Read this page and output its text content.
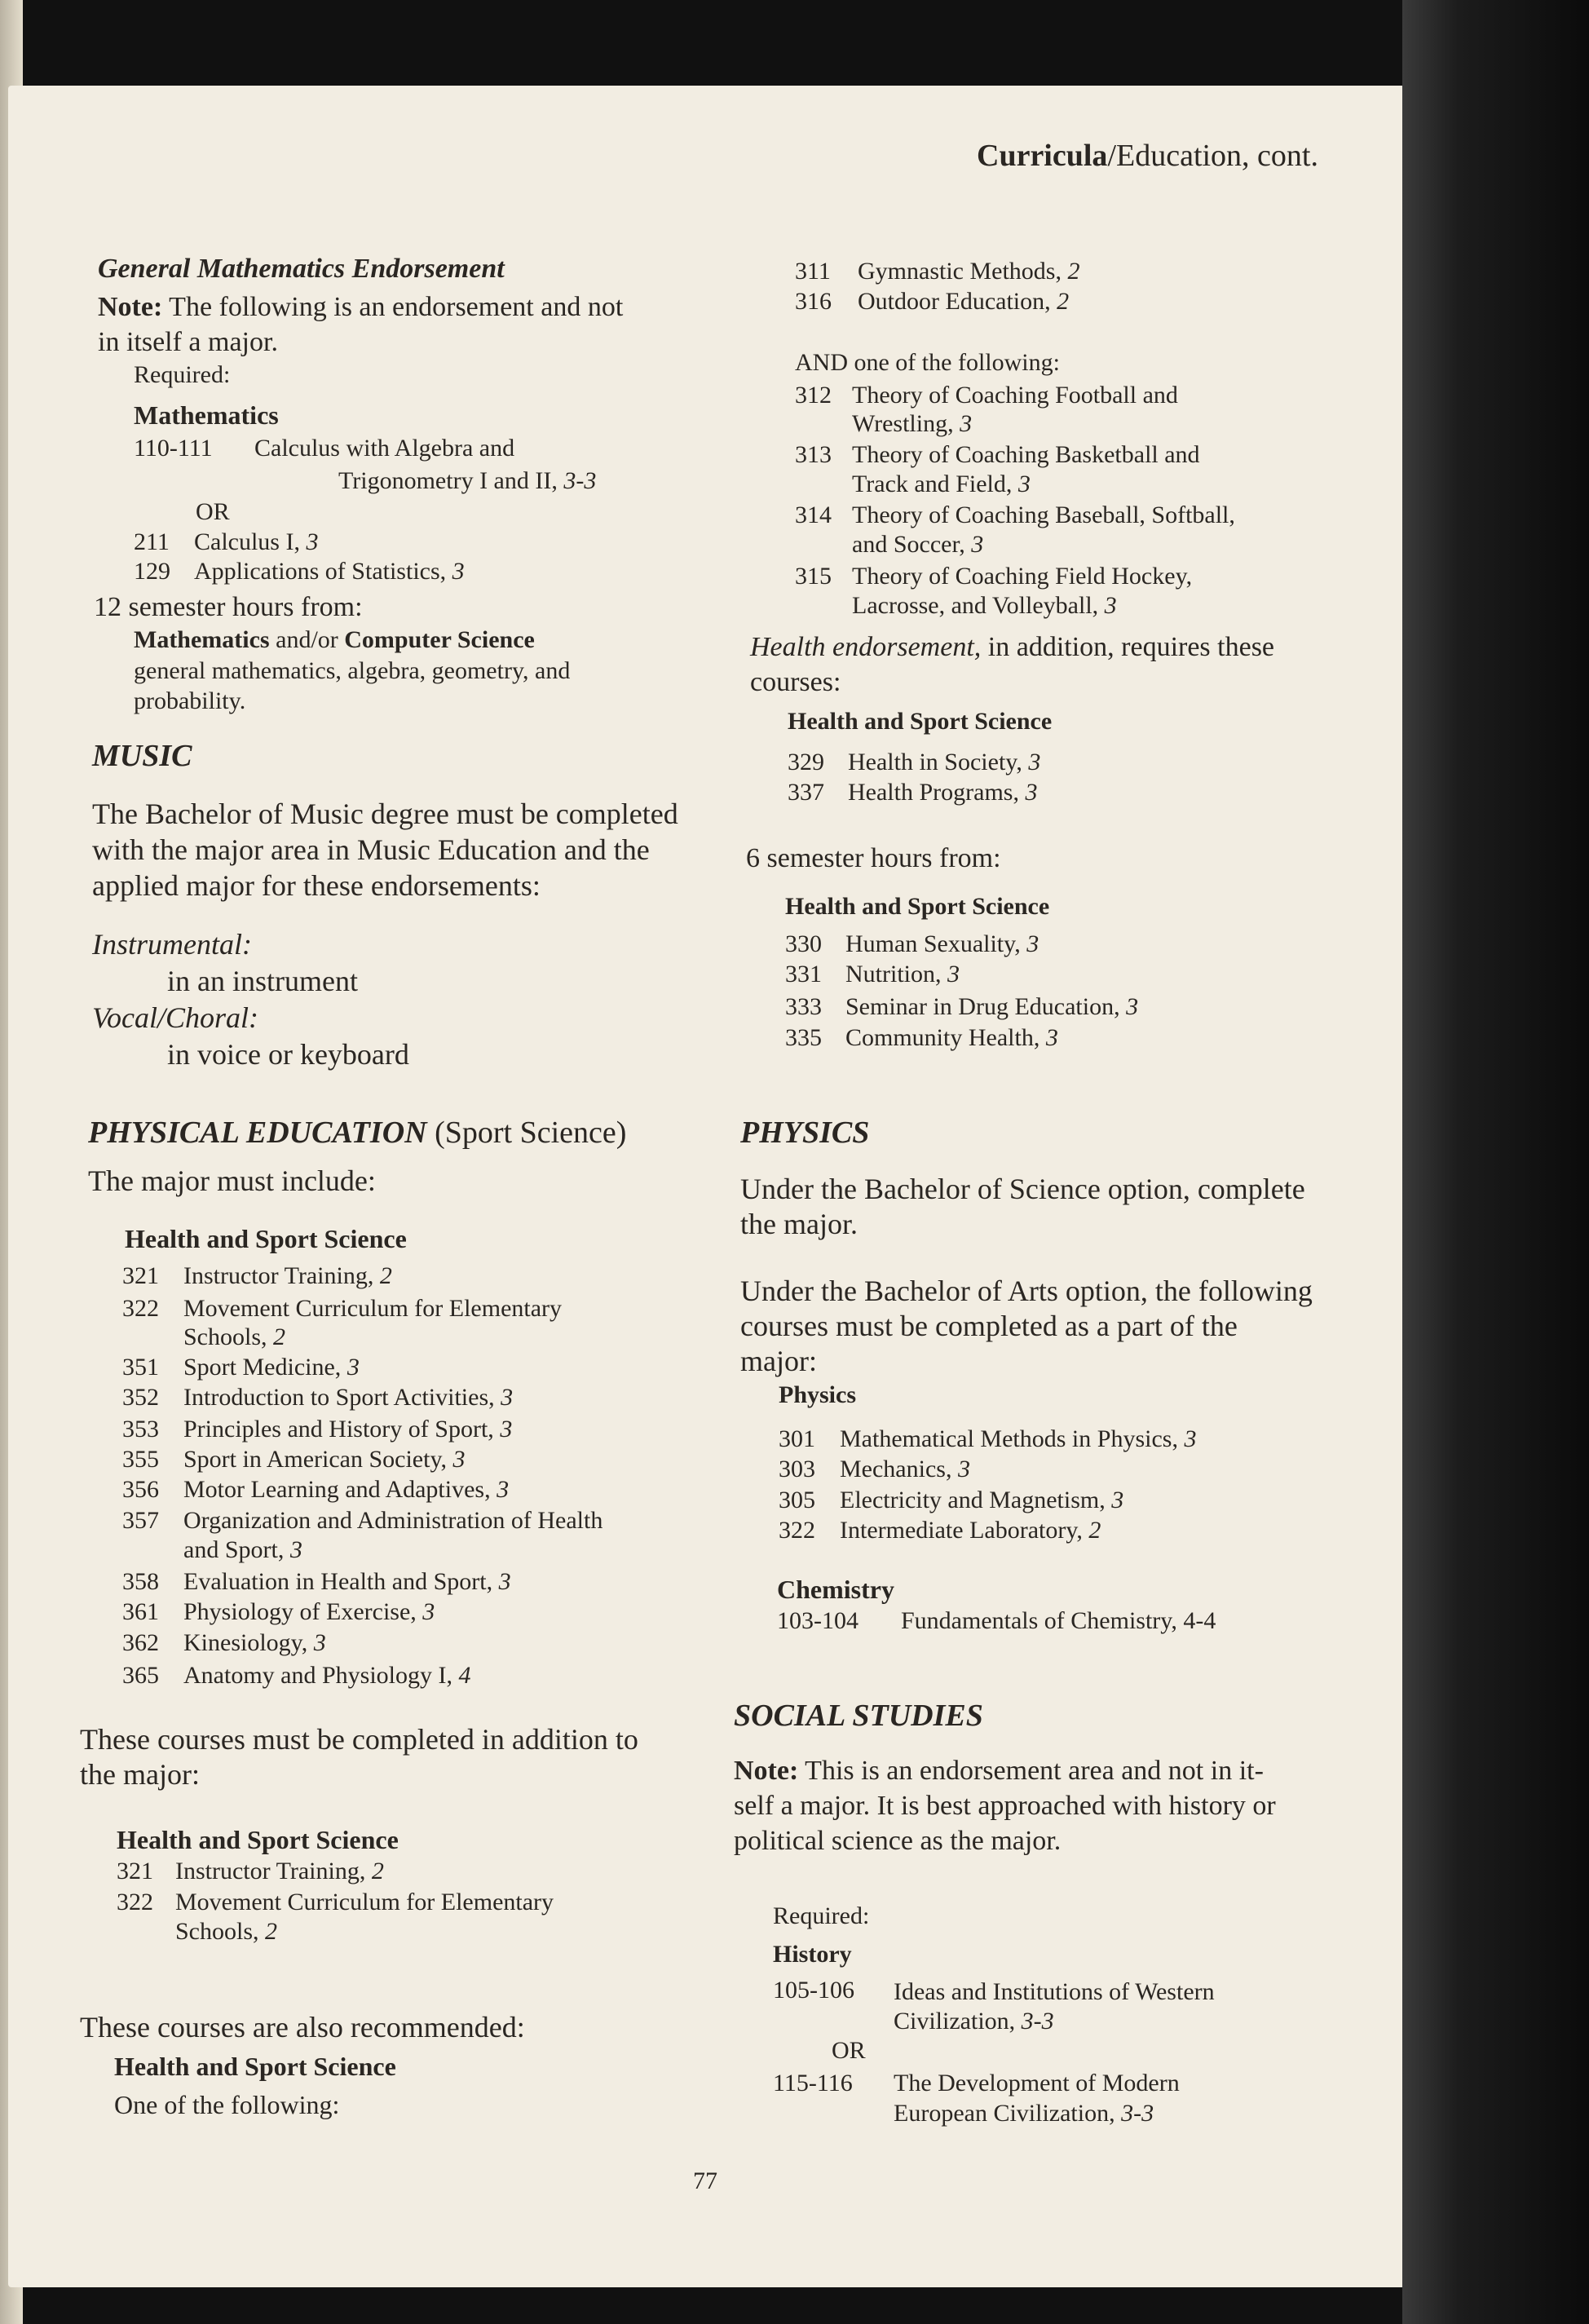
Curricula/Education, cont.
General Mathematics Endorsement
Note: The following is an endorsement and not
in itself a major.
Required:
Mathematics
110-111 Calculus with Algebra and
Trigonometry I and II, 3-3
OR
211 Calculus I, 3
129 Applications of Statistics, 3
12 semester hours from:
Mathematics and/or Computer Science
general mathematics, algebra, geometry, and
probability.
MUSIC
The Bachelor of Music degree must be completed
with the major area in Music Education and the
applied major for these endorsements:
Instrumental:
in an instrument
Vocal/Choral:
in voice or keyboard
PHYSICAL EDUCATION (Sport Science)
The major must include:
Health and Sport Science
321 Instructor Training, 2
322 Movement Curriculum for Elementary
Schools, 2
351 Sport Medicine, 3
352 Introduction to Sport Activities, 3
353 Principles and History of Sport, 3
355 Sport in American Society, 3
356 Motor Learning and Adaptives, 3
357 Organization and Administration of Health
and Sport, 3
358 Evaluation in Health and Sport, 3
361 Physiology of Exercise, 3
362 Kinesiology, 3
365 Anatomy and Physiology I, 4
These courses must be completed in addition to
the major:
Health and Sport Science
321 Instructor Training, 2
322 Movement Curriculum for Elementary
Schools, 2
These courses are also recommended:
Health and Sport Science
One of the following:
311 Gymnastic Methods, 2
316 Outdoor Education, 2
AND one of the following:
312 Theory of Coaching Football and
Wrestling, 3
313 Theory of Coaching Basketball and
Track and Field, 3
314 Theory of Coaching Baseball, Softball,
and Soccer, 3
315 Theory of Coaching Field Hockey,
Lacrosse, and Volleyball, 3
Health endorsement, in addition, requires these
courses:
Health and Sport Science
329 Health in Society, 3
337 Health Programs, 3
6 semester hours from:
Health and Sport Science
330 Human Sexuality, 3
331 Nutrition, 3
333 Seminar in Drug Education, 3
335 Community Health, 3
PHYSICS
Under the Bachelor of Science option, complete
the major.
Under the Bachelor of Arts option, the following
courses must be completed as a part of the
major:
Physics
301 Mathematical Methods in Physics, 3
303 Mechanics, 3
305 Electricity and Magnetism, 3
322 Intermediate Laboratory, 2
Chemistry
103-104 Fundamentals of Chemistry, 4-4
SOCIAL STUDIES
Note: This is an endorsement area and not in it-
self a major. It is best approached with history or
political science as the major.
Required:
History
105-106 Ideas and Institutions of Western
Civilization, 3-3
OR
115-116 The Development of Modern
European Civilization, 3-3
77
